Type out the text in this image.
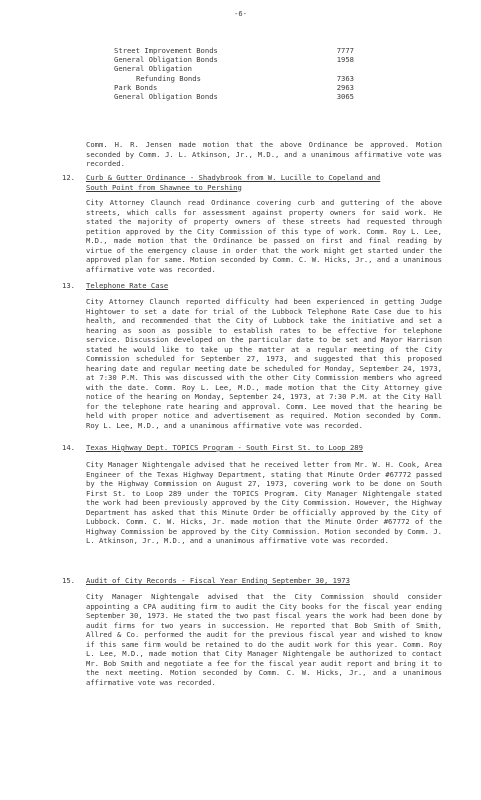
-6-
Street Improvement Bonds	7777
General Obligation Bonds	1958
General Obligation
Refunding Bonds	7363
Park Bonds	2963
General Obligation Bonds	3065

Comm. H. R. Jensen made motion that the above Ordinance be approved. Motion seconded by Comm. J. L. Atkinson, Jr., M.D., and a unanimous affirmative vote was recorded.

12. Curb & Gutter Ordinance - Shadybrook from W. Lucille to Copeland and
South Point from Shawnee to Pershing

City Attorney Claunch read Ordinance covering curb and guttering of the above streets, which calls for assessment against property owners for said work. He stated the majority of property owners of these streets had requested through petition approved by the City Commission of this type of work. Comm. Roy L. Lee, M.D., made motion that the Ordinance be passed on first and final reading by virtue of the emergency clause in order that the work might get started under the approved plan for same. Motion seconded by Comm. C. W. Hicks, Jr., and a unanimous affirmative vote was recorded.

13. Telephone Rate Case

City Attorney Claunch reported difficulty had been experienced in getting Judge Hightower to set a date for trial of the Lubbock Telephone Rate Case due to his health, and recommended that the City of Lubbock take the initiative and set a hearing as soon as possible to establish rates to be effective for telephone service. Discussion developed on the particular date to be set and Mayor Harrison stated he would like to take up the matter at a regular meeting of the City Commission scheduled for September 27, 1973, and suggested that this proposed hearing date and regular meeting date be scheduled for Monday, September 24, 1973, at 7:30 P.M. This was discussed with the other City Commission members who agreed with the date. Comm. Roy L. Lee, M.D., made motion that the City Attorney give notice of the hearing on Monday, September 24, 1973, at 7:30 P.M. at the City Hall for the telephone rate hearing and approval. Comm. Lee moved that the hearing be held with proper notice and advertisement as required. Motion seconded by Comm. Roy L. Lee, M.D., and a unanimous affirmative vote was recorded.

14. Texas Highway Dept. TOPICS Program - South First St. to Loop 289

City Manager Nightengale advised that he received letter from Mr. W. H. Cook, Area Engineer of the Texas Highway Department, stating that Minute Order #67772 passed by the Highway Commission on August 27, 1973, covering work to be done on South First St. to Loop 289 under the TOPICS Program. City Manager Nightengale stated the work had been previously approved by the City Commission. However, the Highway Department has asked that this Minute Order be officially approved by the City of Lubbock. Comm. C. W. Hicks, Jr. made motion that the Minute Order #67772 of the Highway Commission be approved by the City Commission. Motion seconded by Comm. J. L. Atkinson, Jr., M.D., and a unanimous affirmative vote was recorded.

15. Audit of City Records - Fiscal Year Ending September 30, 1973

City Manager Nightengale advised that the City Commission should consider appointing a CPA auditing firm to audit the City books for the fiscal year ending September 30, 1973. He stated the two past fiscal years the work had been done by audit firms for two years in succession. He reported that Bob Smith of Smith, Allred & Co. performed the audit for the previous fiscal year and wished to know if this same firm would be retained to do the audit work for this year. Comm. Roy L. Lee, M.D., made motion that City Manager Nightengale be authorized to contact Mr. Bob Smith and negotiate a fee for the fiscal year audit report and bring it to the next meeting. Motion seconded by Comm. C. W. Hicks, Jr., and a unanimous affirmative vote was recorded.
